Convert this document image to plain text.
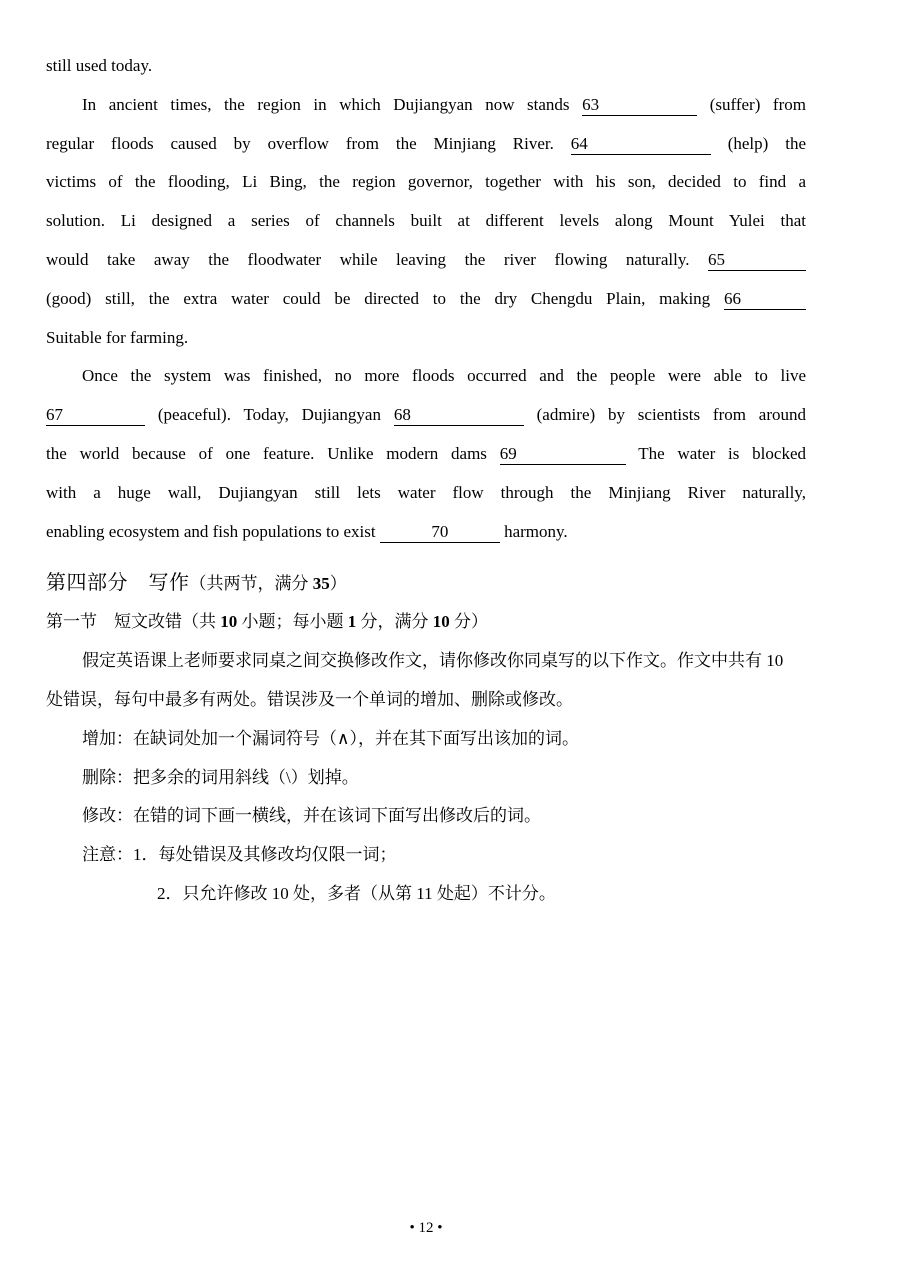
still used today.
In ancient times, the region in which Dujiangyan now stands 63	(suffer) from
regular floods caused by overflow from the Minjiang River. 64	(help) the
victims of the flooding, Li Bing, the region governor, together with his son, decided to find a
solution. Li designed a series of channels built at different levels along Mount Yulei that
would take away the floodwater while leaving the river flowing naturally. 65
(good) still, the extra water could be directed to the dry Chengdu Plain, making 66
Suitable for farming.
Once the system was finished, no more floods occurred and the people were able to live
67	(peaceful). Today, Dujiangyan 68	(admire) by scientists from around
the world because of one feature. Unlike modern dams 69	The water is blocked
with a huge wall, Dujiangyan still lets water flow through the Minjiang River naturally,
enabling ecosystem and fish populations to exist	70	harmony.
第四部分　写作（共两节，满分 35）
第一节　短文改错（共 10 小题；每小题 1 分，满分 10 分）
假定英语课上老师要求同桌之间交换修改作文，请你修改你同桌写的以下作文。作文中共有 10
处错误，每句中最多有两处。错误涉及一个单词的增加、删除或修改。
增加：在缺词处加一个漏词符号（∧），并在其下面写出该加的词。
删除：把多余的词用斜线（\）划掉。
修改：在错的词下画一横线，并在该词下面写出修改后的词。
注意：1．每处错误及其修改均仅限一词；
2．只允许修改 10 处，多者（从第 11 处起）不计分。
• 12 •
